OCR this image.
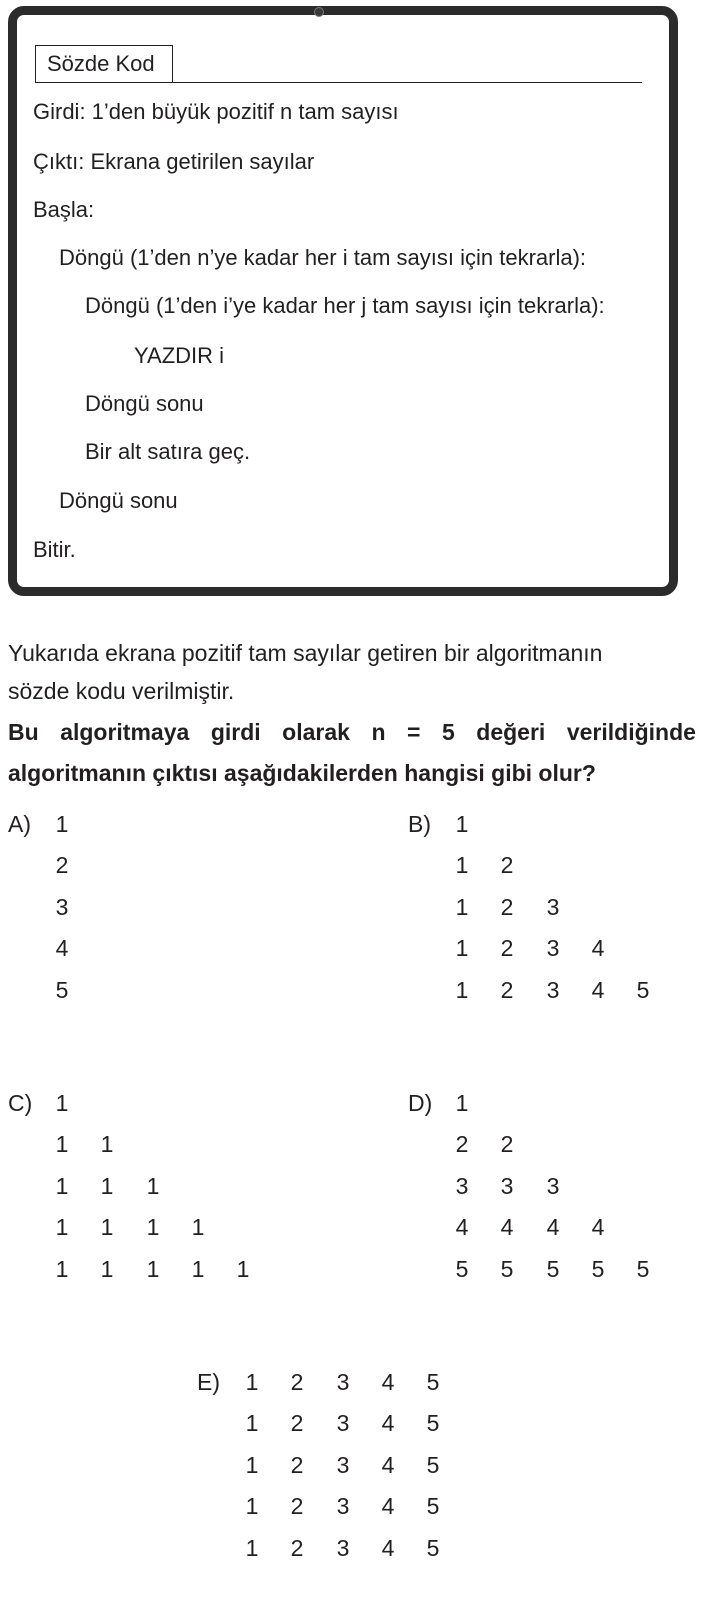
Sözde Kod
Girdi: 1’den büyük pozitif n tam sayısı
Çıktı: Ekrana getirilen sayılar
Başla:
Döngü (1’den n’ye kadar her i tam sayısı için tekrarla):
Döngü (1’den i’ye kadar her j tam sayısı için tekrarla):
YAZDIR i
Döngü sonu
Bir alt satıra geç.
Döngü sonu
Bitir.
Yukarıda ekrana pozitif tam sayılar getiren bir algoritmanın
sözde kodu verilmiştir.
Bu algoritmaya girdi olarak n = 5 değeri verildiğinde
algoritmanın çıktısı aşağıdakilerden hangisi gibi olur?
A) 1
2
3
4
5
B) 1
1 2
1 2 3
1 2 3 4
1 2 3 4 5
C) 1
1 1
1 1 1
1 1 1 1
1 1 1 1 1
D) 1
2 2
3 3 3
4 4 4 4
5 5 5 5 5
E) 1 2 3 4 5
1 2 3 4 5
1 2 3 4 5
1 2 3 4 5
1 2 3 4 5
